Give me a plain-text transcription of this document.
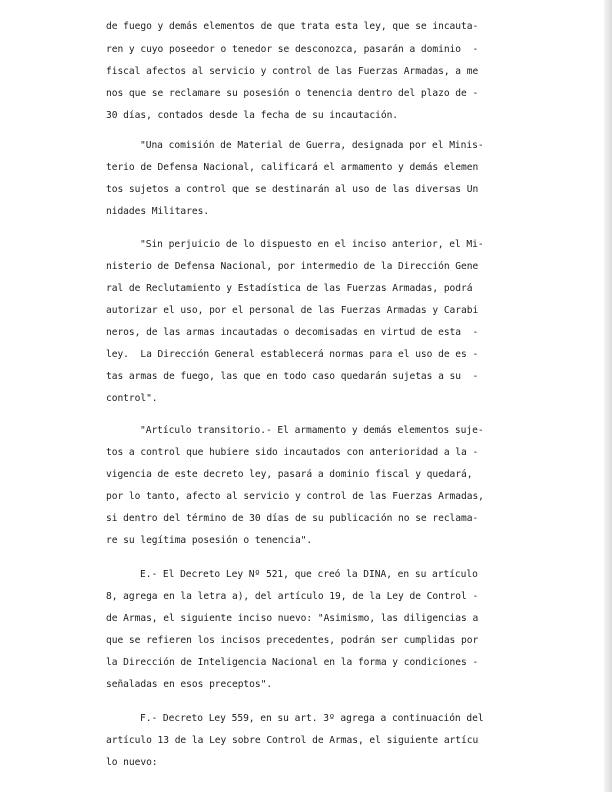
de fuego y demás elementos de que trata esta ley, que se incauta-
ren y cuyo poseedor o tenedor se desconozca, pasarán a dominio  -
fiscal afectos al servicio y control de las Fuerzas Armadas, a me
nos que se reclamare su posesión o tenencia dentro del plazo de -
30 días, contados desde la fecha de su incautación.
"Una comisión de Material de Guerra, designada por el Minis-
terio de Defensa Nacional, calificará el armamento y demás elemen
tos sujetos a control que se destinarán al uso de las diversas Un
nidades Militares.
"Sin perjuicio de lo dispuesto en el inciso anterior, el Mi-
nisterio de Defensa Nacional, por intermedio de la Dirección Gene
ral de Reclutamiento y Estadística de las Fuerzas Armadas, podrá
autorizar el uso, por el personal de las Fuerzas Armadas y Carabi
neros, de las armas incautadas o decomisadas en virtud de esta  -
ley.  La Dirección General establecerá normas para el uso de es -
tas armas de fuego, las que en todo caso quedarán sujetas a su  -
control".
"Artículo transitorio.- El armamento y demás elementos suje-
tos a control que hubiere sido incautados con anterioridad a la -
vigencia de este decreto ley, pasará a dominio fiscal y quedará,
por lo tanto, afecto al servicio y control de las Fuerzas Armadas,
si dentro del término de 30 días de su publicación no se reclama-
re su legítima posesión o tenencia".
E.- El Decreto Ley Nº 521, que creó la DINA, en su artículo
8, agrega en la letra a), del artículo 19, de la Ley de Control -
de Armas, el siguiente inciso nuevo: "Asimismo, las diligencias a
que se refieren los incisos precedentes, podrán ser cumplidas por
la Dirección de Inteligencia Nacional en la forma y condiciones -
señaladas en esos preceptos".
F.- Decreto Ley 559, en su art. 3º agrega a continuación del
artículo 13 de la Ley sobre Control de Armas, el siguiente artícu
lo nuevo:
